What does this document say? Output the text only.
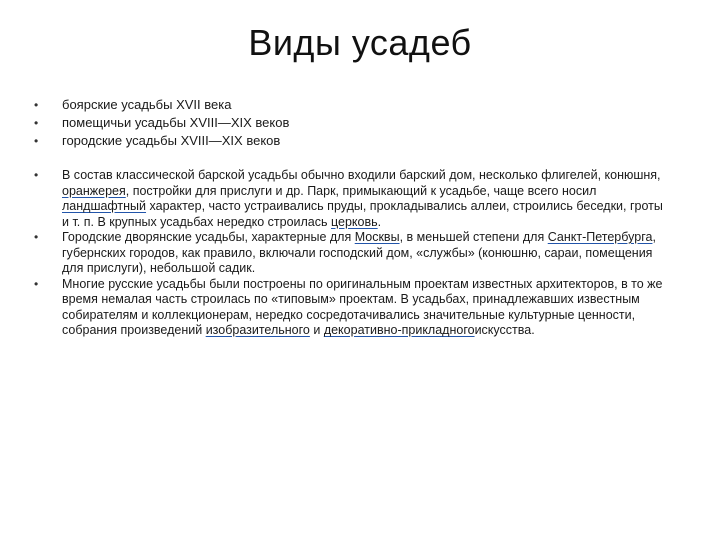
Виды усадеб
•	боярские усадьбы XVII века
•	помещичьи усадьбы XVIII—XIX веков
•	городские усадьбы XVIII—XIX веков
•	В состав классической барской усадьбы обычно входили барский дом, несколько флигелей, конюшня, оранжерея, постройки для прислуги и др. Парк, примыкающий к усадьбе, чаще всего носил ландшафтный характер, часто устраивались пруды, прокладывались аллеи, строились беседки, гроты и т. п. В крупных усадьбах нередко строилась церковь.
•	Городские дворянские усадьбы, характерные для Москвы, в меньшей степени для Санкт-Петербурга, губернских городов, как правило, включали господский дом, «службы» (конюшню, сараи, помещения для прислуги), небольшой садик.
•	Многие русские усадьбы были построены по оригинальным проектам известных архитекторов, в то же время немалая часть строилась по «типовым» проектам. В усадьбах, принадлежавших известным собирателям и коллекционерам, нередко сосредотачивались значительные культурные ценности, собрания произведений изобразительного и декоративно-прикладногоискусства.
